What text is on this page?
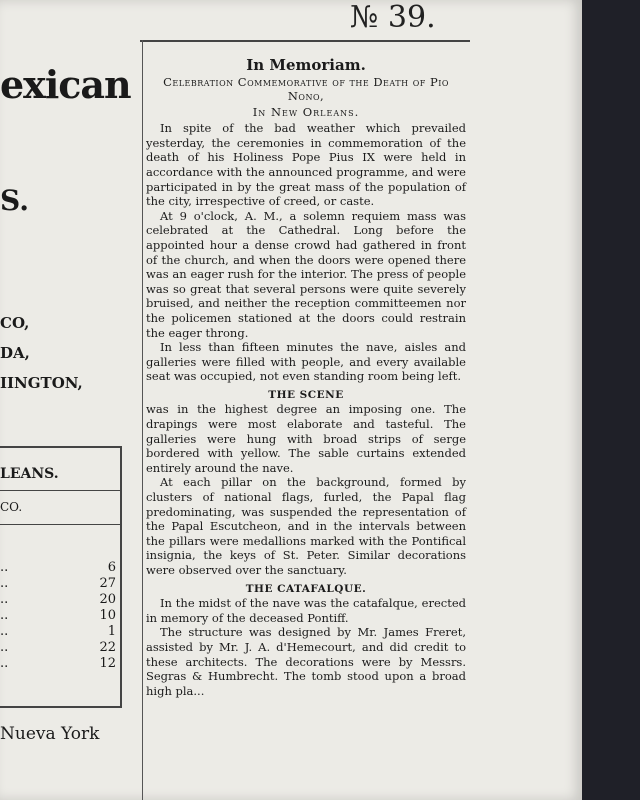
№ 39.
exican
S.
CO,
DA,
IINGTON,
LEANS.
CO.
..	6
..	27
..	20
..	10
..	1
..	22
..	12
Nueva York

In Memoriam.

Celebration Commemorative of the Death of Pio Nono,

In New Orleans.

In spite of the bad weather which prevailed yesterday, the ceremonies in commemoration of the death of his Holiness Pope Pius IX were held in accordance with the announced programme, and were participated in by the great mass of the population of the city, irrespective of creed, or caste.

At 9 o'clock, A. M., a solemn requiem mass was celebrated at the Cathedral. Long before the appointed hour a dense crowd had gathered in front of the church, and when the doors were opened there was an eager rush for the interior. The press of people was so great that several persons were quite severely bruised, and neither the reception committeemen nor the policemen stationed at the doors could restrain the eager throng.

In less than fifteen minutes the nave, aisles and galleries were filled with people, and every available seat was occupied, not even standing room being left.

THE SCENE

was in the highest degree an imposing one. The drapings were most elaborate and tasteful. The galleries were hung with broad strips of serge bordered with yellow. The sable curtains extended entirely around the nave.

At each pillar on the background, formed by clusters of national flags, furled, the Papal flag predominating, was suspended the representation of the Papal Escutcheon, and in the intervals between the pillars were medallions marked with the Pontifical insignia, the keys of St. Peter. Similar decorations were observed over the sanctuary.

THE CATAFALQUE.

In the midst of the nave was the catafalque, erected in memory of the deceased Pontiff.

The structure was designed by Mr. James Freret, assisted by Mr. J. A. d'Hemecourt, and did credit to these architects. The decorations were by Messrs. Segras & Humbrecht. The tomb stood upon a broad high pla...
